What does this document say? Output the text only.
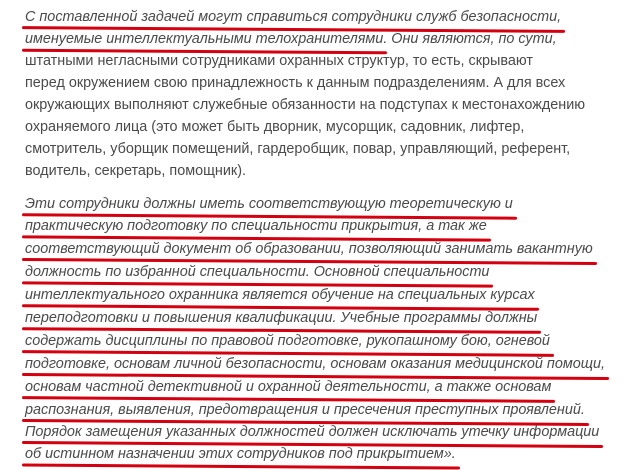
С поставленной задачей могут справиться сотрудники служб безопасности,
именуемые интеллектуальными телохранителями. Они являются, по сути,
штатными негласными сотрудниками охранных структур, то есть, скрывают
перед окружением свою принадлежность к данным подразделениям. А для всех
окружающих выполняют служебные обязанности на подступах к местонахождению
охраняемого лица (это может быть дворник, мусорщик, садовник, лифтер,
смотритель, уборщик помещений, гардеробщик, повар, управляющий, референт,
водитель, секретарь, помощник).
Эти сотрудники должны иметь соответствующую теоретическую и
практическую подготовку по специальности прикрытия, а так же
соответствующий документ об образовании, позволяющий занимать вакантную
должность по избранной специальности. Основной специальности
интеллектуального охранника является обучение на специальных курсах
переподготовки и повышения квалификации. Учебные программы должны
содержать дисциплины по правовой подготовке, рукопашному бою, огневой
подготовке, основам личной безопасности, основам оказания медицинской помощи,
основам частной детективной и охранной деятельности, а также основам
распознания, выявления, предотвращения и пресечения преступных проявлений.
Порядок замещения указанных должностей должен исключать утечку информации
об истинном назначении этих сотрудников под прикрытием».
